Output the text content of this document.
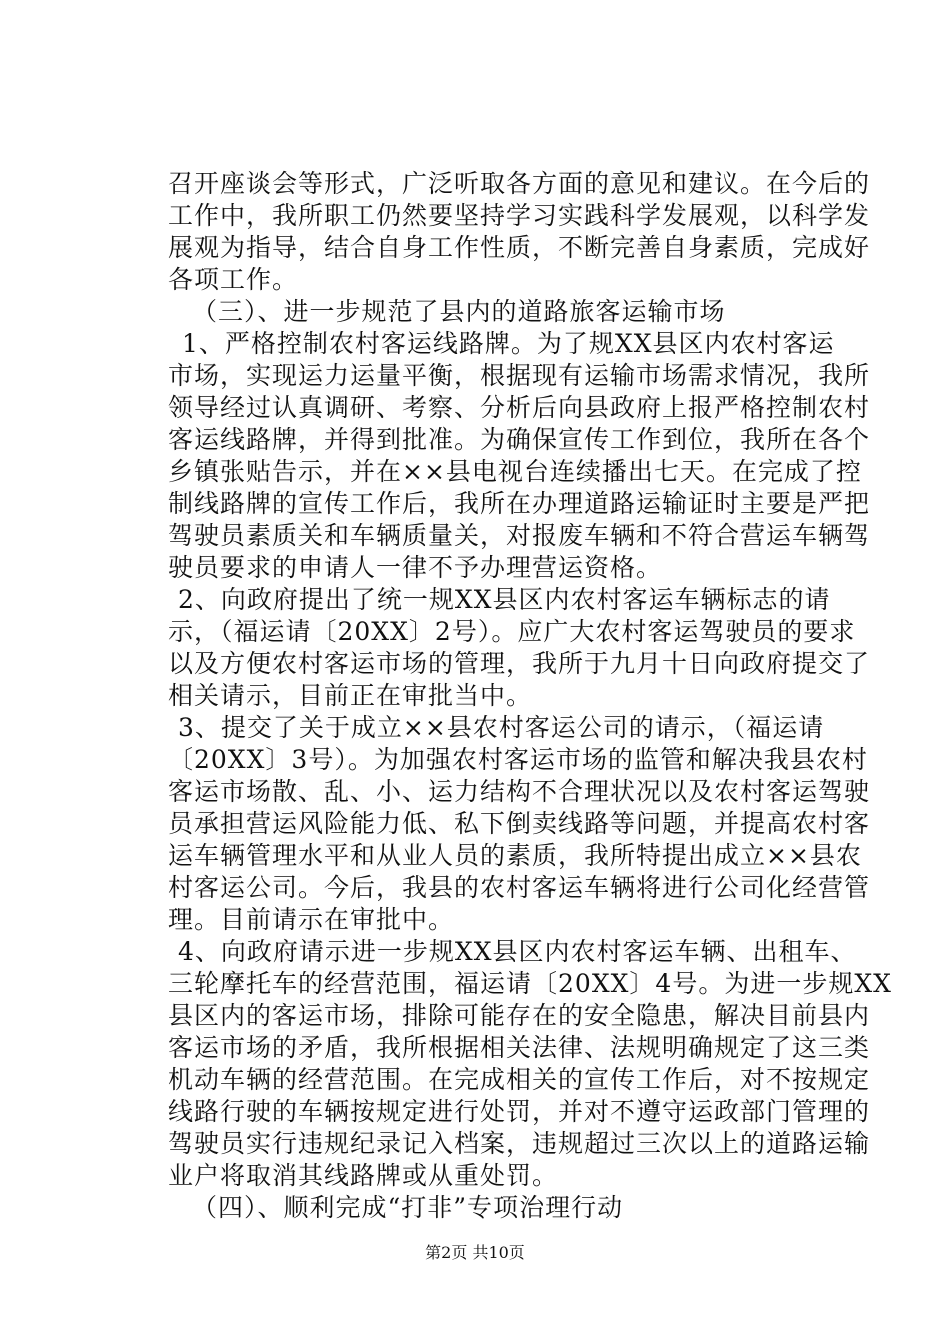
召开座谈会等形式，广泛听取各方面的意见和建议。在今后的
工作中，我所职工仍然要坚持学习实践科学发展观，以科学发
展观为指导，结合自身工作性质，不断完善自身素质，完成好
各项工作。
（三）、进一步规范了县内的道路旅客运输市场
1、严格控制农村客运线路牌。为了规XX县区内农村客运
市场，实现运力运量平衡，根据现有运输市场需求情况，我所
领导经过认真调研、考察、分析后向县政府上报严格控制农村
客运线路牌，并得到批准。为确保宣传工作到位，我所在各个
乡镇张贴告示，并在××县电视台连续播出七天。在完成了控
制线路牌的宣传工作后，我所在办理道路运输证时主要是严把
驾驶员素质关和车辆质量关，对报废车辆和不符合营运车辆驾
驶员要求的申请人一律不予办理营运资格。
2、向政府提出了统一规XX县区内农村客运车辆标志的请
示，（福运请〔20XX〕2号）。应广大农村客运驾驶员的要求
以及方便农村客运市场的管理，我所于九月十日向政府提交了
相关请示，目前正在审批当中。
3、提交了关于成立××县农村客运公司的请示，（福运请
〔20XX〕3号）。为加强农村客运市场的监管和解决我县农村
客运市场散、乱、小、运力结构不合理状况以及农村客运驾驶
员承担营运风险能力低、私下倒卖线路等问题，并提高农村客
运车辆管理水平和从业人员的素质，我所特提出成立××县农
村客运公司。今后，我县的农村客运车辆将进行公司化经营管
理。目前请示在审批中。
4、向政府请示进一步规XX县区内农村客运车辆、出租车、
三轮摩托车的经营范围，福运请〔20XX〕4号。为进一步规XX
县区内的客运市场，排除可能存在的安全隐患，解决目前县内
客运市场的矛盾，我所根据相关法律、法规明确规定了这三类
机动车辆的经营范围。在完成相关的宣传工作后，对不按规定
线路行驶的车辆按规定进行处罚，并对不遵守运政部门管理的
驾驶员实行违规纪录记入档案，违规超过三次以上的道路运输
业户将取消其线路牌或从重处罚。
（四）、顺利完成“打非”专项治理行动
第2页 共10页
